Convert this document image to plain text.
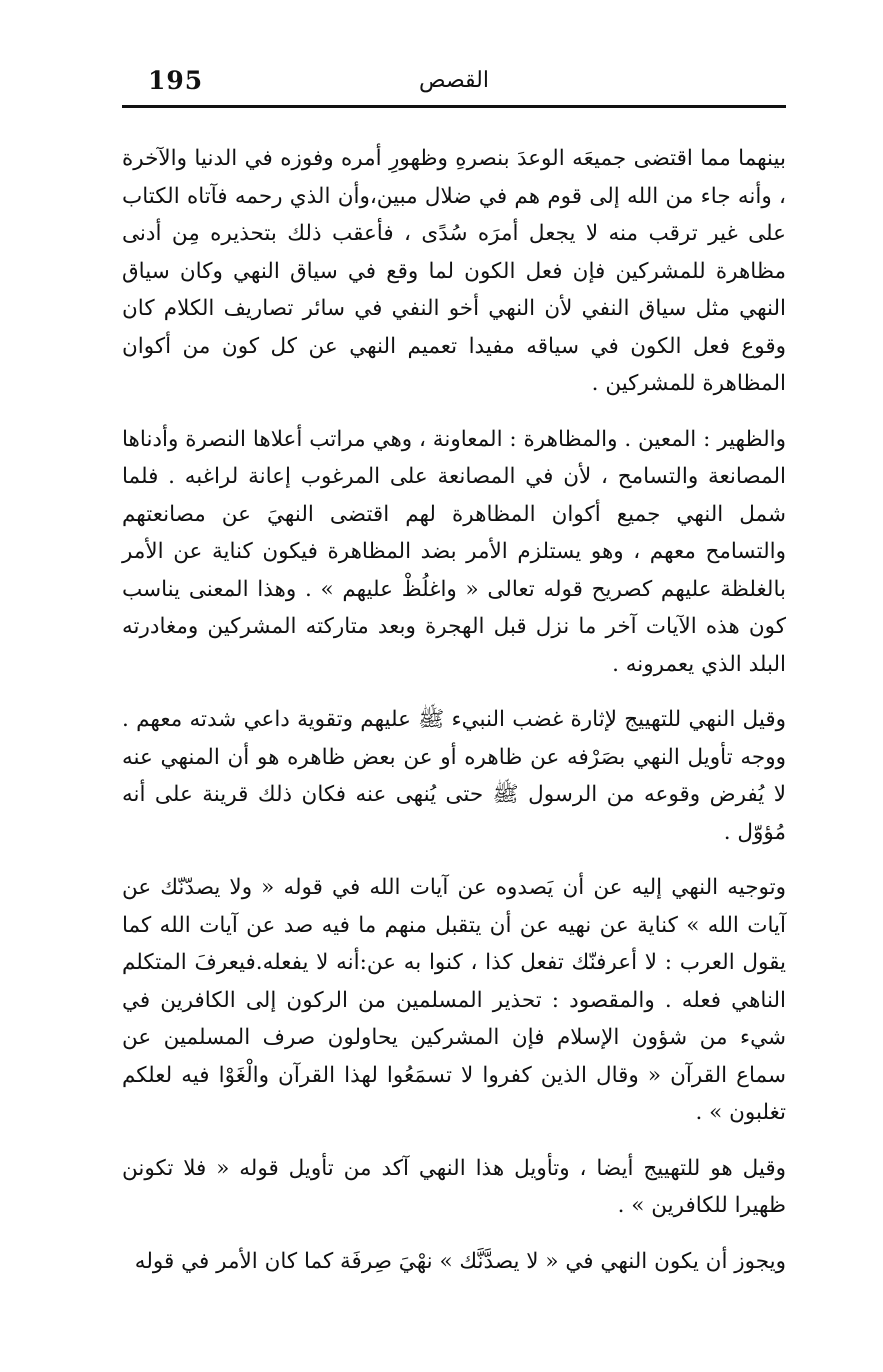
195	القصص

بينهما مما اقتضى جميعَه الوعدَ بنصرهِ وظهورِ أمره وفوزه في الدنيا والآخرة ، وأنه جاء من الله إلى قوم هم في ضلال مبين،وأن الذي رحمه فآتاه الكتاب على غير ترقب منه لا يجعل أمرَه سُدًى ، فأعقب ذلك بتحذيره مِن أدنى مظاهرة للمشركين فإن فعل الكون لما وقع في سياق النهي وكان سياق النهي مثل سياق النفي لأن النهي أخو النفي في سائر تصاريف الكلام كان وقوع فعل الكون في سياقه مفيدا تعميم النهي عن كل كون من أكوان المظاهرة للمشركين .

والظهير : المعين . والمظاهرة : المعاونة ، وهي مراتب أعلاها النصرة وأدناها المصانعة والتسامح ، لأن في المصانعة على المرغوب إعانة لراغبه . فلما شمل النهي جميع أكوان المظاهرة لهم اقتضى النهيَ عن مصانعتهم والتسامح معهم ، وهو يستلزم الأمر بضد المظاهرة فيكون كناية عن الأمر بالغلظة عليهم كصريح قوله تعالى « واغلُظْ عليهم » . وهذا المعنى يناسب كون هذه الآيات آخر ما نزل قبل الهجرة وبعد متاركته المشركين ومغادرته البلد الذي يعمرونه .

وقيل النهي للتهييج لإثارة غضب النبيء ﷺ عليهم وتقوية داعي شدته معهم . ووجه تأويل النهي بصَرْفه عن ظاهره أو عن بعض ظاهره هو أن المنهي عنه لا يُفرض وقوعه من الرسول ﷺ حتى يُنهى عنه فكان ذلك قرينة على أنه مُؤوّل .

وتوجيه النهي إليه عن أن يَصدوه عن آيات الله في قوله « ولا يصدّنّك عن آيات الله » كناية عن نهيه عن أن يتقبل منهم ما فيه صد عن آيات الله كما يقول العرب : لا أعرفنّك تفعل كذا ، كنوا به عن:أنه لا يفعله.فيعرفَ المتكلم الناهي فعله . والمقصود : تحذير المسلمين من الركون إلى الكافرين في شيء من شؤون الإسلام فإن المشركين يحاولون صرف المسلمين عن سماع القرآن « وقال الذين كفروا لا تسمَعُوا لهذا القرآن والْغَوْا فيه لعلكم تغلبون » .

وقيل هو للتهييج أيضا ، وتأويل هذا النهي آكد من تأويل قوله « فلا تكونن ظهيرا للكافرين » .

ويجوز أن يكون النهي في « لا يصدَّنَّك » نهْيَ صِرفَة كما كان الأمر في قوله
